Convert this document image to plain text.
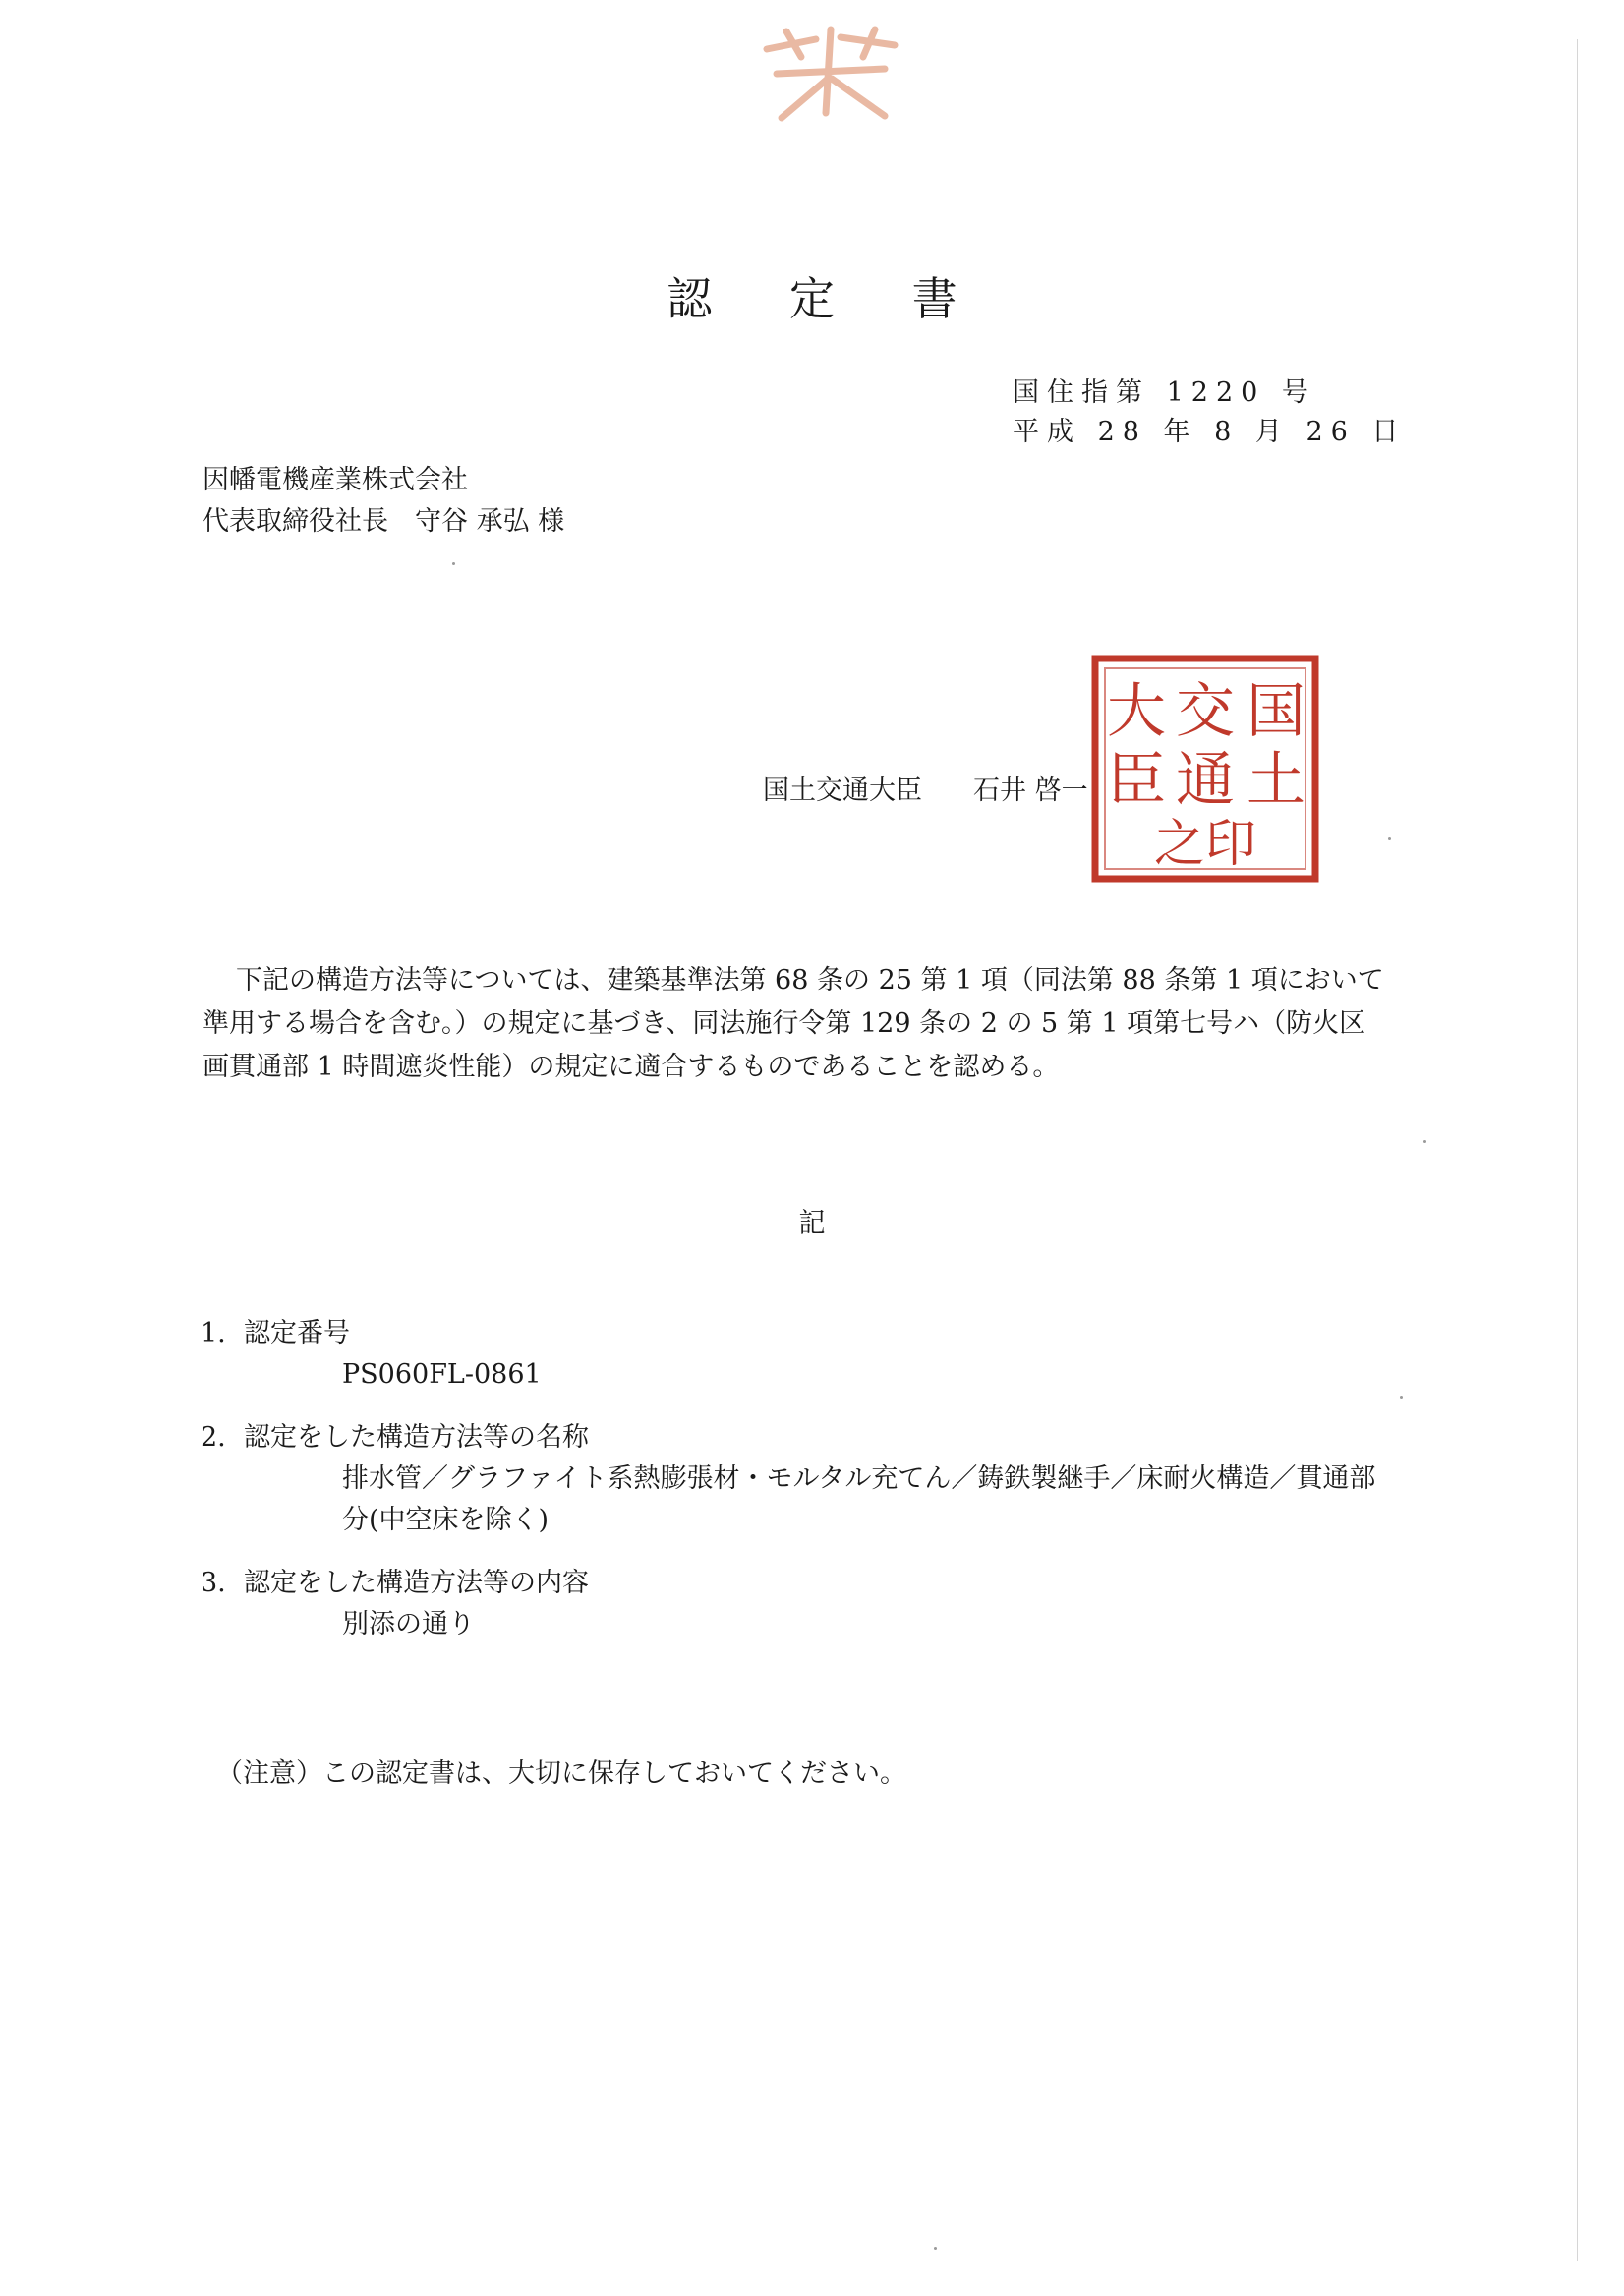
認 定 書
国住指第 1220 号
平成 28 年 8 月 26 日
因幡電機産業株式会社
代表取締役社長　守谷 承弘 様
国土交通大臣 石井 啓一
国
土
交
通
大
臣
之印

下記の構造方法等については、建築基準法第 68 条の 25 第 1 項（同法第 88 条第 1 項において準用する場合を含む。）の規定に基づき、同法施行令第 129 条の 2 の 5 第 1 項第七号ハ（防火区画貫通部 1 時間遮炎性能）の規定に適合するものであることを認める。

記
1. 認定番号
PS060FL-0861
2. 認定をした構造方法等の名称
排水管／グラファイト系熱膨張材・モルタル充てん／鋳鉄製継手／床耐火構造／貫通部分(中空床を除く)
3. 認定をした構造方法等の内容
別添の通り
（注意）この認定書は、大切に保存しておいてください。
